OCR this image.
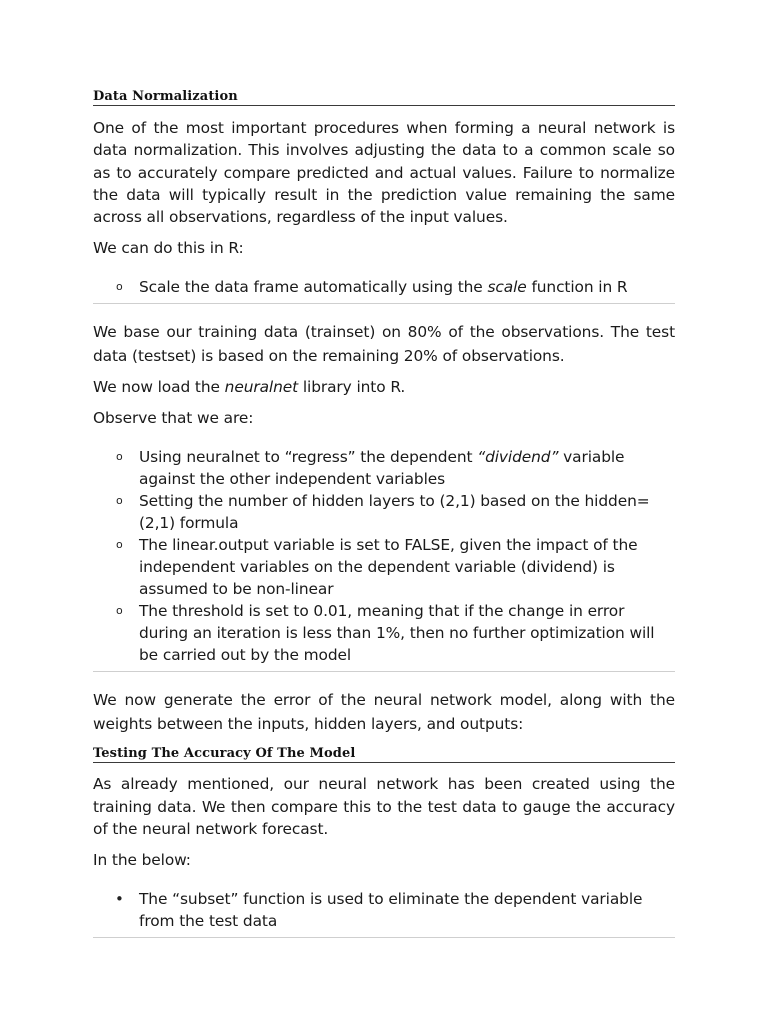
Data Normalization

One of the most important procedures when forming a neural network is data normalization. This involves adjusting the data to a common scale so as to accurately compare predicted and actual values. Failure to normalize the data will typically result in the prediction value remaining the same across all observations, regardless of the input values.

We can do this in R:

o
Scale the data frame automatically using the scale function in R

We base our training data (trainset) on 80% of the observations. The test data (testset) is based on the remaining 20% of observations.

We now load the neuralnet library into R.

Observe that we are:

o
Using neuralnet to “regress” the dependent “dividend” variable against the other independent variables
o
Setting the number of hidden layers to (2,1) based on the hidden=(2,1) formula
o
The linear.output variable is set to FALSE, given the impact of the independent variables on the dependent variable (dividend) is assumed to be non-linear
o
The threshold is set to 0.01, meaning that if the change in error during an iteration is less than 1%, then no further optimization will be carried out by the model

We now generate the error of the neural network model, along with the weights between the inputs, hidden layers, and outputs:

Testing The Accuracy Of The Model

As already mentioned, our neural network has been created using the training data. We then compare this to the test data to gauge the accuracy of the neural network forecast.

In the below:

•
The “subset” function is used to eliminate the dependent variable from the test data
